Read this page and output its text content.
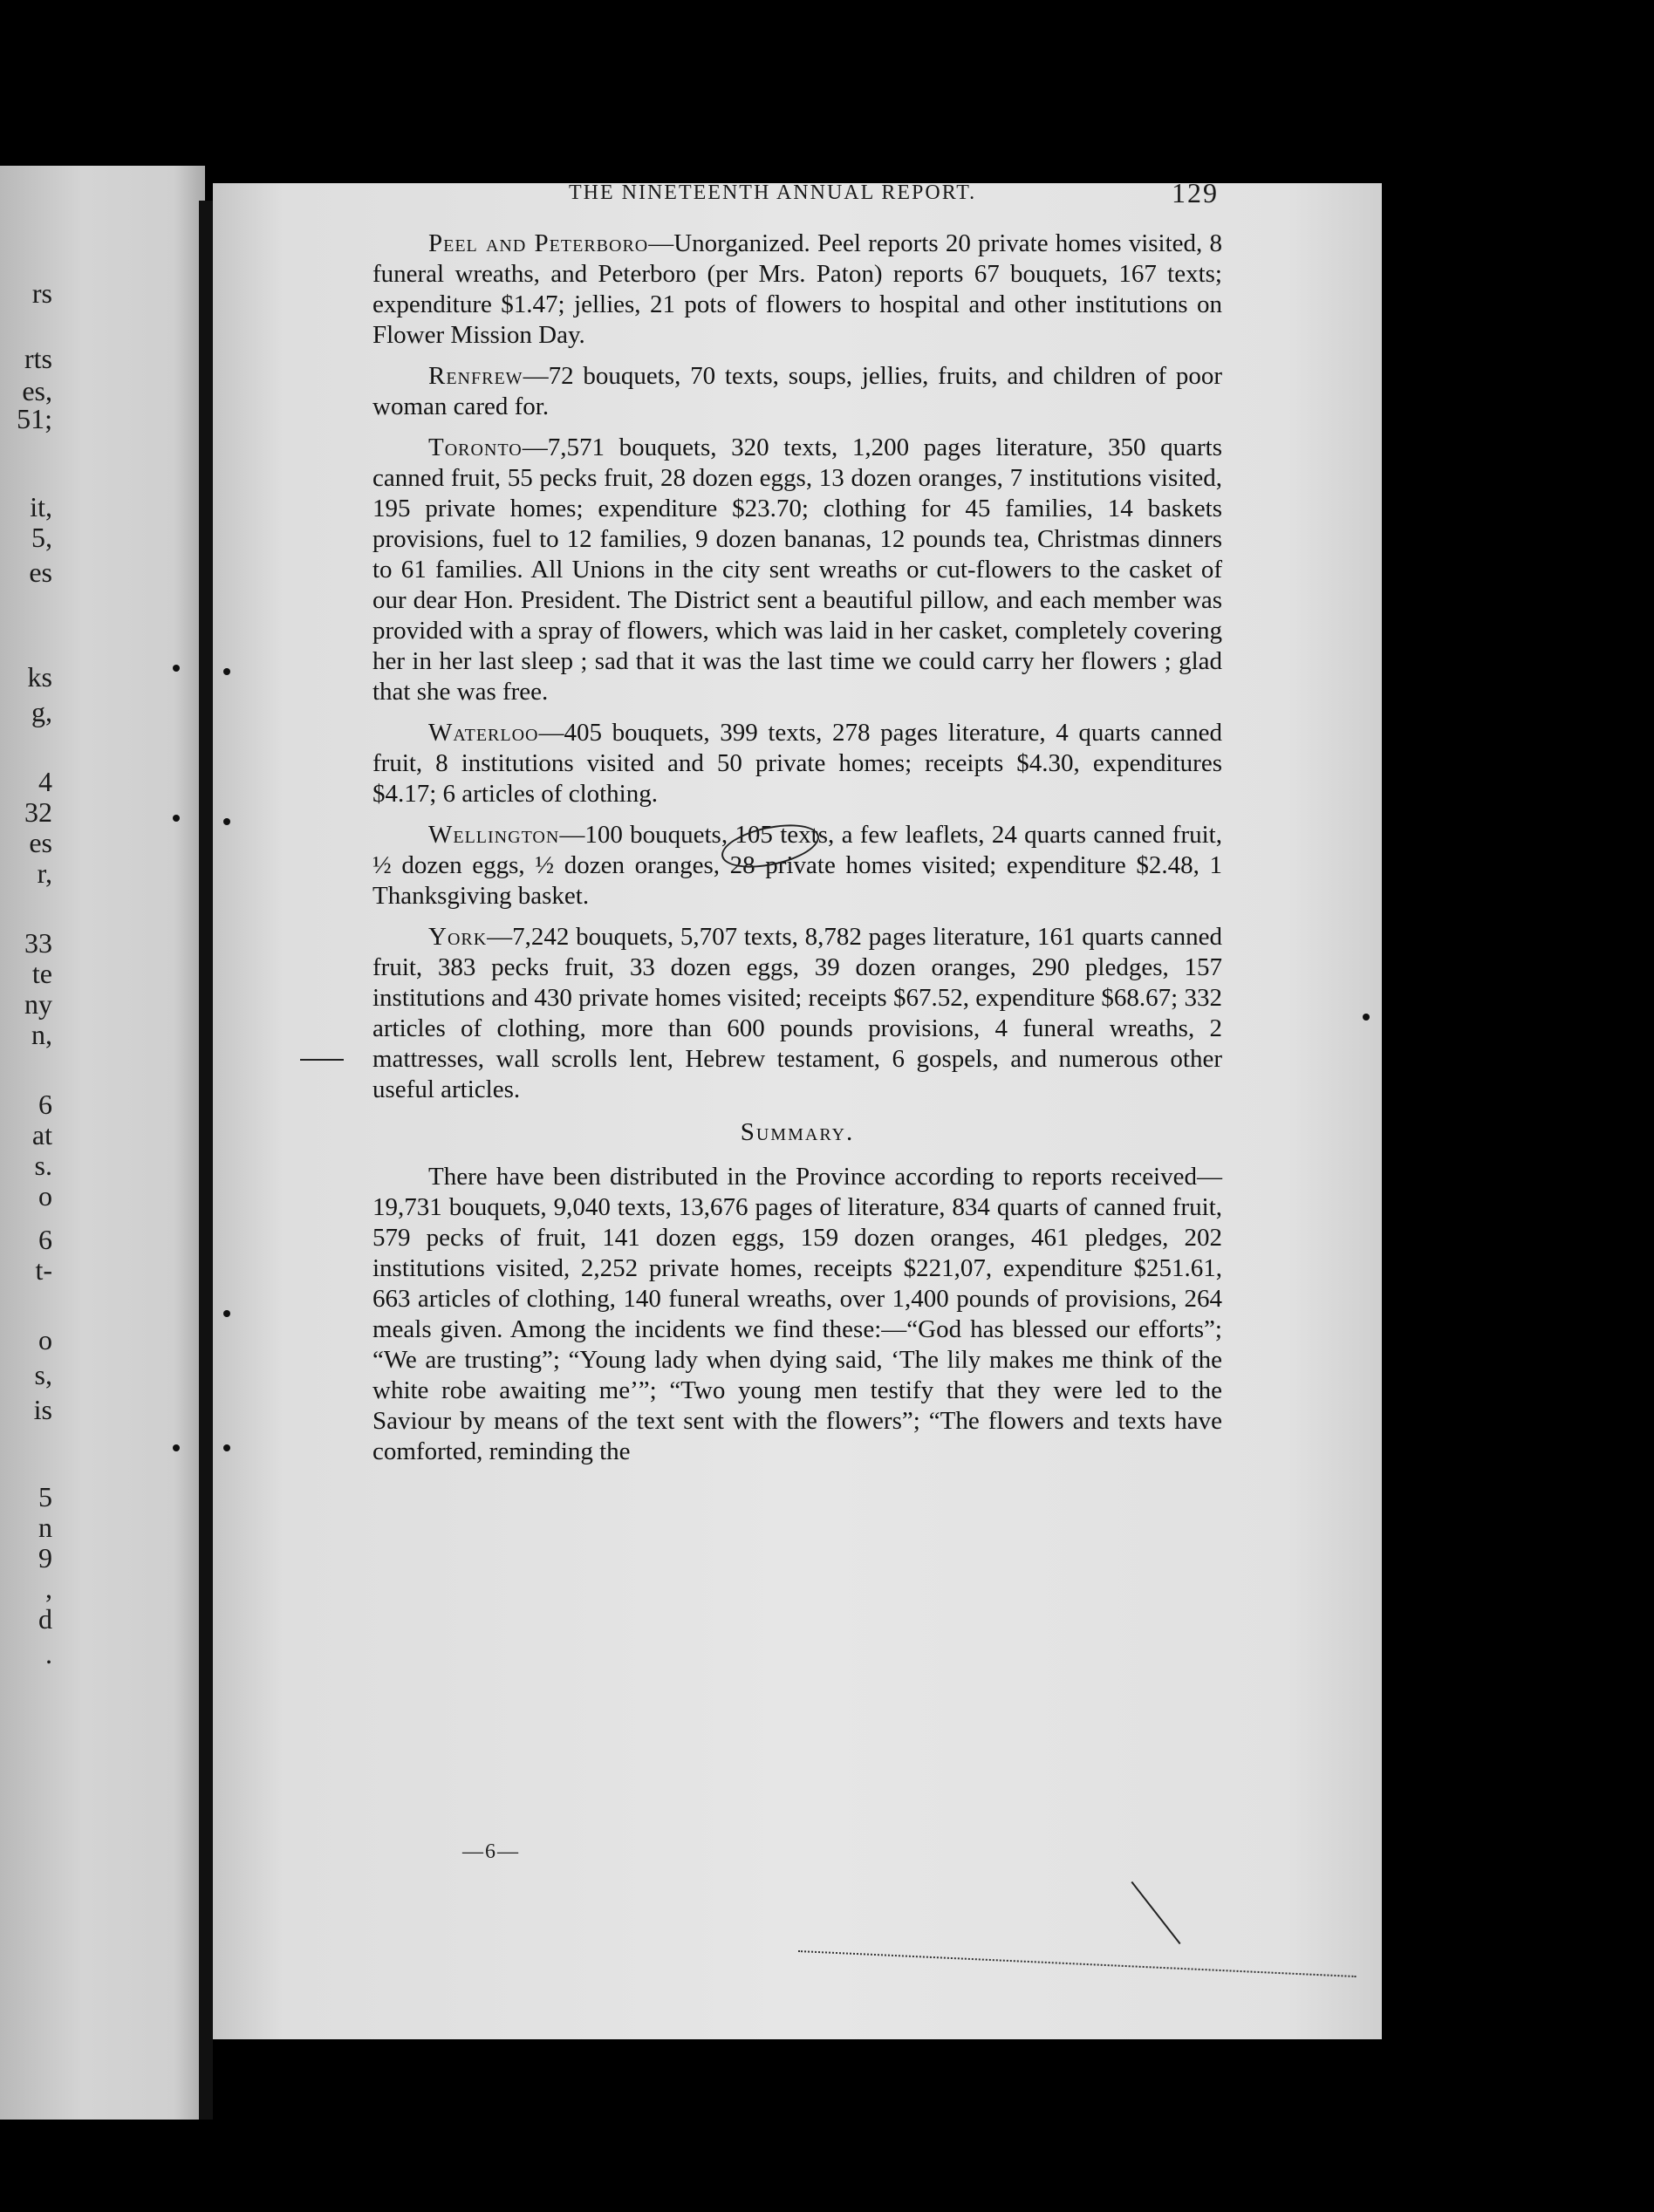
rs
rts
es,
51;
it,
5,
es
ks
g,
4
32
es
r,
33
te
ny
n,
6
at
s.
o
6
t-
o
s,
is
5
n
9
,
d
.
THE NINETEENTH ANNUAL REPORT.	129

Peel and Peterboro—Unorganized. Peel reports 20 private homes visited, 8 funeral wreaths, and Peterboro (per Mrs. Paton) reports 67 bouquets, 167 texts; expenditure $1.47; jellies, 21 pots of flowers to hospital and other institutions on Flower Mission Day.

Renfrew—72 bouquets, 70 texts, soups, jellies, fruits, and children of poor woman cared for.

Toronto—7,571 bouquets, 320 texts, 1,200 pages literature, 350 quarts canned fruit, 55 pecks fruit, 28 dozen eggs, 13 dozen oranges, 7 institutions visited, 195 private homes; expenditure $23.70; clothing for 45 families, 14 baskets provisions, fuel to 12 families, 9 dozen bananas, 12 pounds tea, Christmas dinners to 61 families. All Unions in the city sent wreaths or cut-flowers to the casket of our dear Hon. President. The District sent a beautiful pillow, and each member was provided with a spray of flowers, which was laid in her casket, completely covering her in her last sleep ; sad that it was the last time we could carry her flowers ; glad that she was free.

Waterloo—405 bouquets, 399 texts, 278 pages literature, 4 quarts canned fruit, 8 institutions visited and 50 private homes; receipts $4.30, expenditures $4.17; 6 articles of clothing.

Wellington—100 bouquets, 105 texts, a few leaflets, 24 quarts canned fruit, ½ dozen eggs, ½ dozen oranges, 28 private homes visited; expenditure $2.48, 1 Thanksgiving basket.

York—7,242 bouquets, 5,707 texts, 8,782 pages literature, 161 quarts canned fruit, 383 pecks fruit, 33 dozen eggs, 39 dozen oranges, 290 pledges, 157 institutions and 430 private homes visited; receipts $67.52, expenditure $68.67; 332 articles of clothing, more than 600 pounds provisions, 4 funeral wreaths, 2 mattresses, wall scrolls lent, Hebrew testament, 6 gospels, and numerous other useful articles.

Summary.

There have been distributed in the Province according to reports received—19,731 bouquets, 9,040 texts, 13,676 pages of literature, 834 quarts of canned fruit, 579 pecks of fruit, 141 dozen eggs, 159 dozen oranges, 461 pledges, 202 institutions visited, 2,252 private homes, receipts $221,07, expenditure $251.61, 663 articles of clothing, 140 funeral wreaths, over 1,400 pounds of provisions, 264 meals given. Among the incidents we find these:—“God has blessed our efforts”; “We are trusting”; “Young lady when dying said, ‘The lily makes me think of the white robe awaiting me’”; “Two young men testify that they were led to the Saviour by means of the text sent with the flowers”; “The flowers and texts have comforted, reminding the

—6—
